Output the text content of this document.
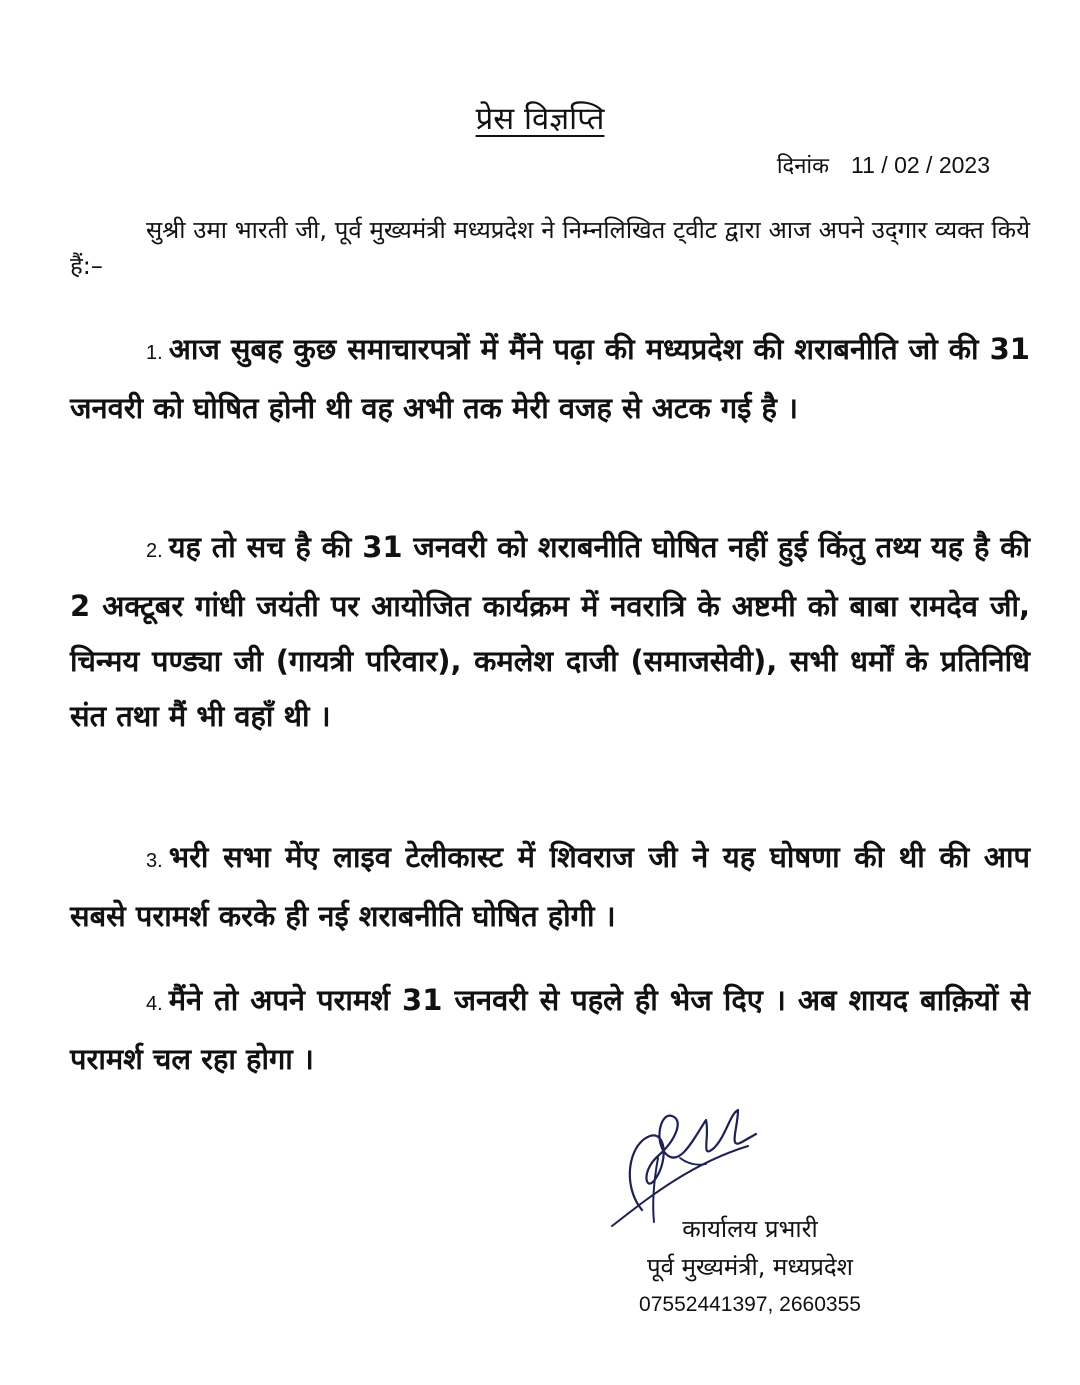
प्रेस विज्ञप्ति
दिनांक 11 / 02 / 2023
सुश्री उमा भारती जी, पूर्व मुख्यमंत्री मध्यप्रदेश ने निम्नलिखित ट्वीट द्वारा आज अपने उद्‌गार व्यक्त किये हैं:–
1. आज सुबह कुछ समाचारपत्रों में मैंने पढ़ा की मध्यप्रदेश की शराबनीति जो की 31 जनवरी को घोषित होनी थी वह अभी तक मेरी वजह से अटक गई है ।
2. यह तो सच है की 31 जनवरी को शराबनीति घोषित नहीं हुई किंतु तथ्य यह है की 2 अक्टूबर गांधी जयंती पर आयोजित कार्यक्रम में नवरात्रि के अष्टमी को बाबा रामदेव जी, चिन्मय पण्ड्या जी (गायत्री परिवार), कमलेश दाजी (समाजसेवी), सभी धर्मों के प्रतिनिधि संत तथा मैं भी वहाँ थी ।
3. भरी सभा मेंए लाइव टेलीकास्ट में शिवराज जी ने यह घोषणा की थी की आप सबसे परामर्श करके ही नई शराबनीति घोषित होगी ।
4. मैंने तो अपने परामर्श 31 जनवरी से पहले ही भेज दिए । अब शायद बाक़ियों से परामर्श चल रहा होगा ।
कार्यालय प्रभारी
पूर्व मुख्यमंत्री, मध्यप्रदेश
07552441397, 2660355
